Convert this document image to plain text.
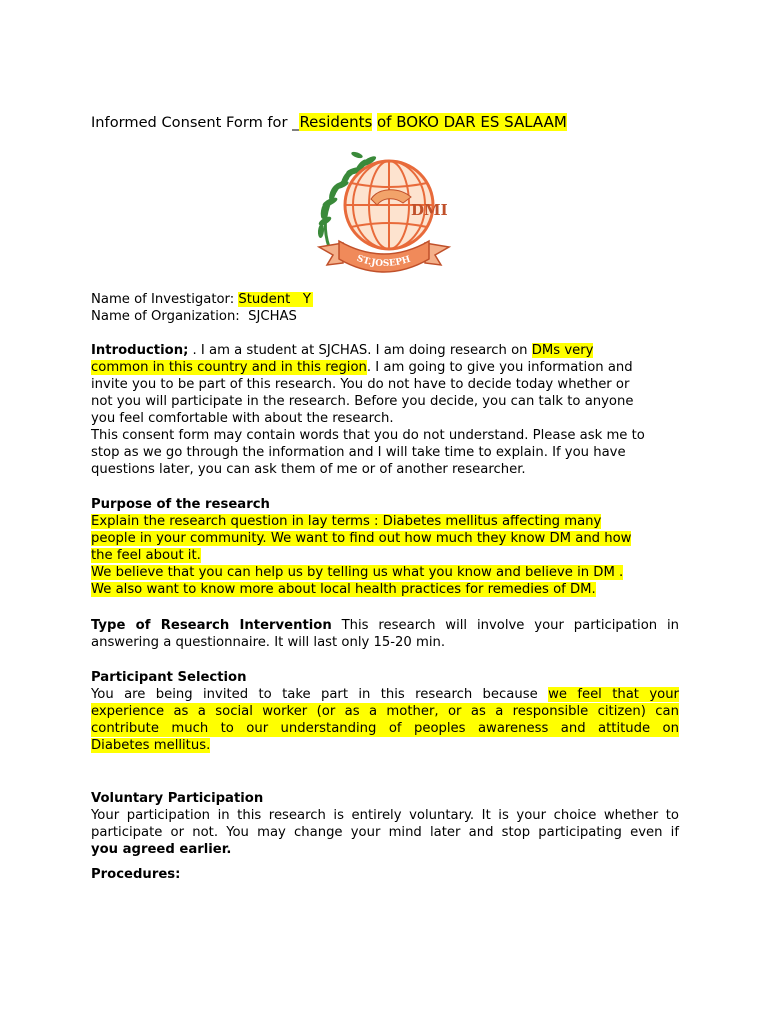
Informed Consent Form for _Residents of BOKO DAR ES SALAAM
DMI
ST.JOSEPH
Name of Investigator: Student   Y
Name of Organization:  SJCHAS
Introduction; . I am a student at SJCHAS. I am doing research on DMs very
common in this country and in this region. I am going to give you information and
invite you to be part of this research. You do not have to decide today whether or
not you will participate in the research. Before you decide, you can talk to anyone
you feel comfortable with about the research.
This consent form may contain words that you do not understand. Please ask me to
stop as we go through the information and I will take time to explain. If you have
questions later, you can ask them of me or of another researcher.
Purpose of the research
Explain the research question in lay terms : Diabetes mellitus affecting many
people in your community. We want to find out how much they know DM and how
the feel about it.
We believe that you can help us by telling us what you know and believe in DM .
We also want to know more about local health practices for remedies of DM.
Type of Research Intervention This research will involve your participation in
answering a questionnaire. It will last only 15-20 min.
Participant Selection
You are being invited to take part in this research because we feel that your
experience as a social worker (or as a mother, or as a responsible citizen) can
contribute much to our understanding of peoples awareness and attitude on
Diabetes mellitus.
Voluntary Participation
Your participation in this research is entirely voluntary. It is your choice whether to
participate or not. You may change your mind later and stop participating even if
you agreed earlier.
Procedures:
